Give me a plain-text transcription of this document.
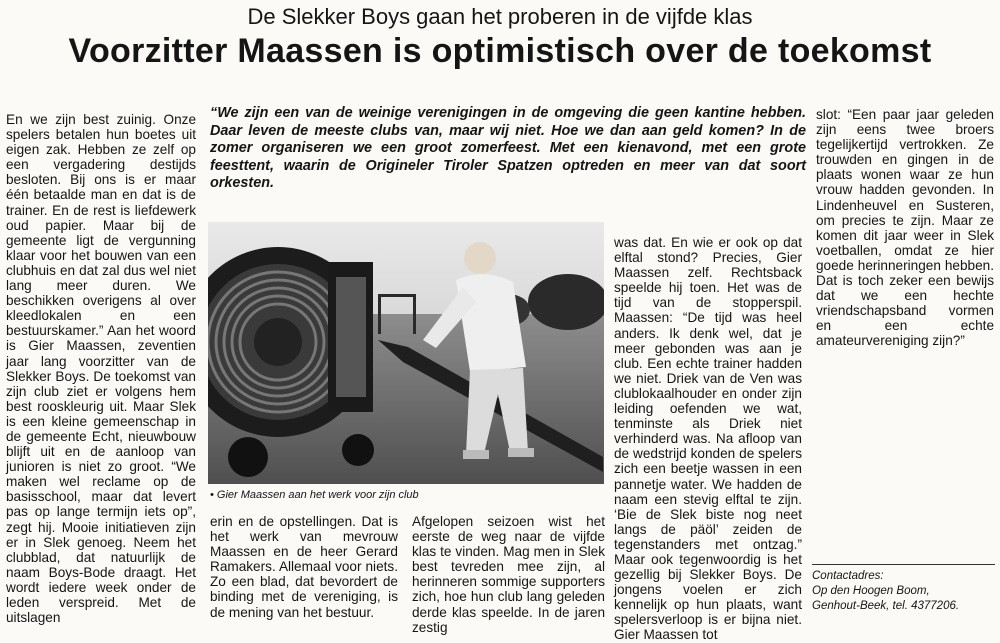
De Slekker Boys gaan het proberen in de vijfde klas
Voorzitter Maassen is optimistisch over de toekomst

En we zijn best zuinig. Onze spelers betalen hun boetes uit eigen zak. Hebben ze zelf op een vergadering destijds besloten. Bij ons is er maar één betaalde man en dat is de trainer. En de rest is liefdewerk oud papier. Maar bij de gemeente ligt de vergunning klaar voor het bouwen van een clubhuis en dat zal dus wel niet lang meer duren. We beschikken overigens al over kleedlokalen en een bestuurskamer.” Aan het woord is Gier Maassen, zeventien jaar lang voorzitter van de Slekker Boys. De toekomst van zijn club ziet er volgens hem best rooskleurig uit. Maar Slek is een kleine gemeenschap in de gemeente Echt, nieuwbouw blijft uit en de aanloop van junioren is niet zo groot. “We maken wel reclame op de basisschool, maar dat levert pas op lange termijn iets op”, zegt hij. Mooie initiatieven zijn er in Slek genoeg. Neem het clubblad, dat natuurlijk de naam Boys-Bode draagt. Het wordt iedere week onder de leden verspreid. Met de uitslagen

“We zijn een van de weinige verenigingen in de omgeving die geen kantine hebben. Daar leven de meeste clubs van, maar wij niet. Hoe we dan aan geld komen? In de zomer organiseren we een groot zomerfeest. Met een kienavond, met een grote feesttent, waarin de Origineler Tiroler Spatzen optreden en meer van dat soort orkesten.
• Gier Maassen aan het werk voor zijn club

erin en de opstellingen. Dat is het werk van mevrouw Maassen en de heer Gerard Ramakers. Allemaal voor niets. Zo een blad, dat bevordert de binding met de vereniging, is de mening van het bestuur.

Afgelopen seizoen wist het eerste de weg naar de vijfde klas te vinden. Mag men in Slek best tevreden mee zijn, al herinneren sommige supporters zich, hoe hun club lang geleden derde klas speelde. In de jaren zestig

was dat. En wie er ook op dat elftal stond? Precies, Gier Maassen zelf. Rechtsback speelde hij toen. Het was de tijd van de stopperspil. Maassen: “De tijd was heel anders. Ik denk wel, dat je meer gebonden was aan je club. Een echte trainer hadden we niet. Driek van de Ven was clublokaalhouder en onder zijn leiding oefenden we wat, tenminste als Driek niet verhinderd was. Na afloop van de wedstrijd konden de spelers zich een beetje wassen in een pannetje water. We hadden de naam een stevig elftal te zijn. ‘Bie de Slek biste nog neet langs de päöl’ zeiden de tegenstanders met ontzag.” Maar ook tegenwoordig is het gezellig bij Slekker Boys. De jongens voelen er zich kennelijk op hun plaats, want spelersverloop is er bijna niet. Gier Maassen tot

slot: “Een paar jaar geleden zijn eens twee broers tegelijkertijd vertrokken. Ze trouwden en gingen in de plaats wonen waar ze hun vrouw hadden gevonden. In Lindenheuvel en Susteren, om precies te zijn. Maar ze komen dit jaar weer in Slek voetballen, omdat ze hier goede herinneringen hebben. Dat is toch zeker een bewijs dat we een hechte vriendschapsband vormen en een echte amateurvereniging zijn?”

Contactadres:
Op den Hoogen Boom,
Genhout-Beek, tel. 4377206.
